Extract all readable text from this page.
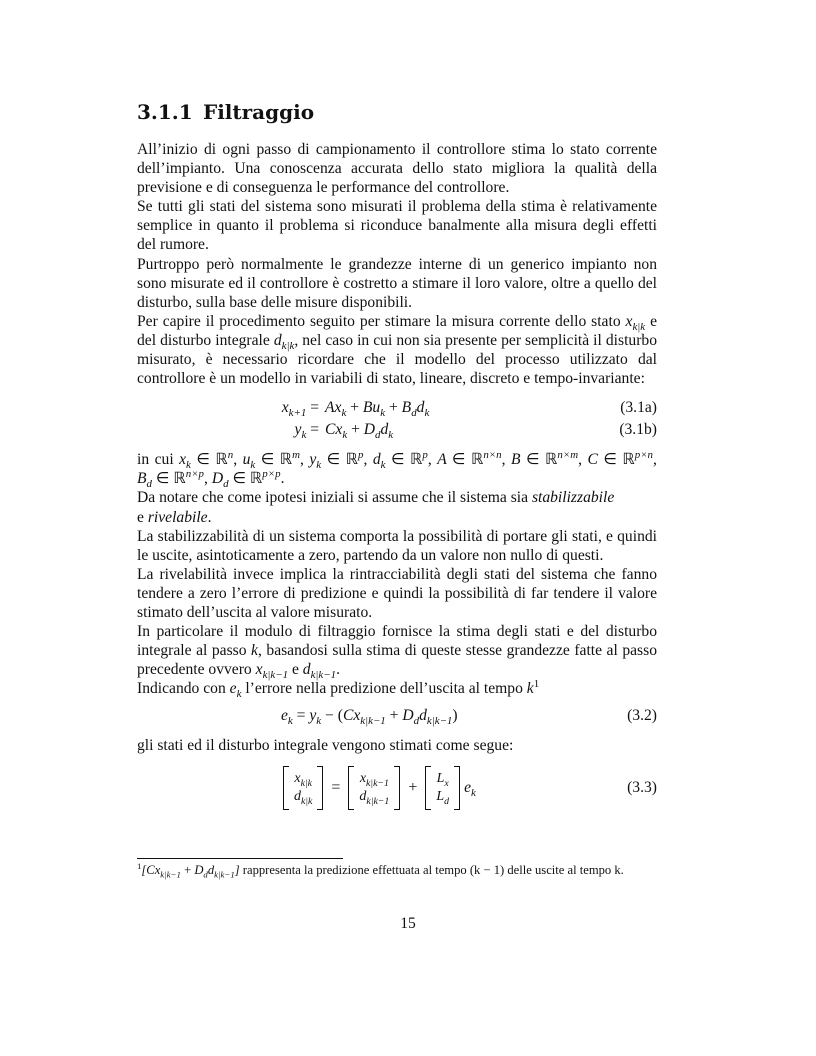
3.1.1 Filtraggio

All’inizio di ogni passo di campionamento il controllore stima lo stato corrente dell’impianto. Una conoscenza accurata dello stato migliora la qualità della previsione e di conseguenza le performance del controllore.

Se tutti gli stati del sistema sono misurati il problema della stima è relativamente semplice in quanto il problema si riconduce banalmente alla misura degli effetti del rumore.

Purtroppo però normalmente le grandezze interne di un generico impianto non sono misurate ed il controllore è costretto a stimare il loro valore, oltre a quello del disturbo, sulla base delle misure disponibili.

Per capire il procedimento seguito per stimare la misura corrente dello stato $x_{k|k}$ e del disturbo integrale $d_{k|k}$, nel caso in cui non sia presente per semplicità il disturbo misurato, è necessario ricordare che il modello del processo utilizzato dal controllore è un modello in variabili di stato, lineare, discreto e tempo-invariante:

$x_{k+1} = Ax_k + Bu_k + B_dd_k$	(3.1a)
$y_k = Cx_k + D_dd_k$	(3.1b)

in cui $x_k$ ∈ ℝ$^n$, $u_k$ ∈ ℝ$^m$, $y_k$ ∈ ℝ$^p$, $d_k$ ∈ ℝ$^p$, A ∈ ℝ$^{n\times n}$, B ∈ ℝ$^{n\times m}$, C ∈ ℝ$^{p\times n}$, $B_d$ ∈ ℝ$^{n\times p}$, $D_d$ ∈ ℝ$^{p\times p}$.

Da notare che come ipotesi iniziali si assume che il sistema sia stabilizzabile
e rivelabile.

La stabilizzabilità di un sistema comporta la possibilità di portare gli stati, e quindi le uscite, asintoticamente a zero, partendo da un valore non nullo di questi.

La rivelabilità invece implica la rintracciabilità degli stati del sistema che fanno tendere a zero l’errore di predizione e quindi la possibilità di far tendere il valore stimato dell’uscita al valore misurato.

In particolare il modulo di filtraggio fornisce la stima degli stati e del disturbo integrale al passo k, basandosi sulla stima di queste stesse grandezze fatte al passo precedente ovvero $x_{k|k-1}$ e $d_{k|k-1}$.

Indicando con $e_k$ l’errore nella predizione dell’uscita al tempo $k^1$

$e_k = y_k - (Cx_{k|k-1} + D_dd_{k|k-1})$	(3.2)

gli stati ed il disturbo integrale vengono stimati come segue:

$x_{k|k}$
$d_{k|k}$
=
$x_{k|k-1}$
$d_{k|k-1}$
+
$L_x$
$L_d$
$e_k$	(3.3)
$^1[Cx_{k|k-1} + D_dd_{k|k-1}]$ rappresenta la predizione effettuata al tempo (k − 1) delle uscite al tempo k.
15
